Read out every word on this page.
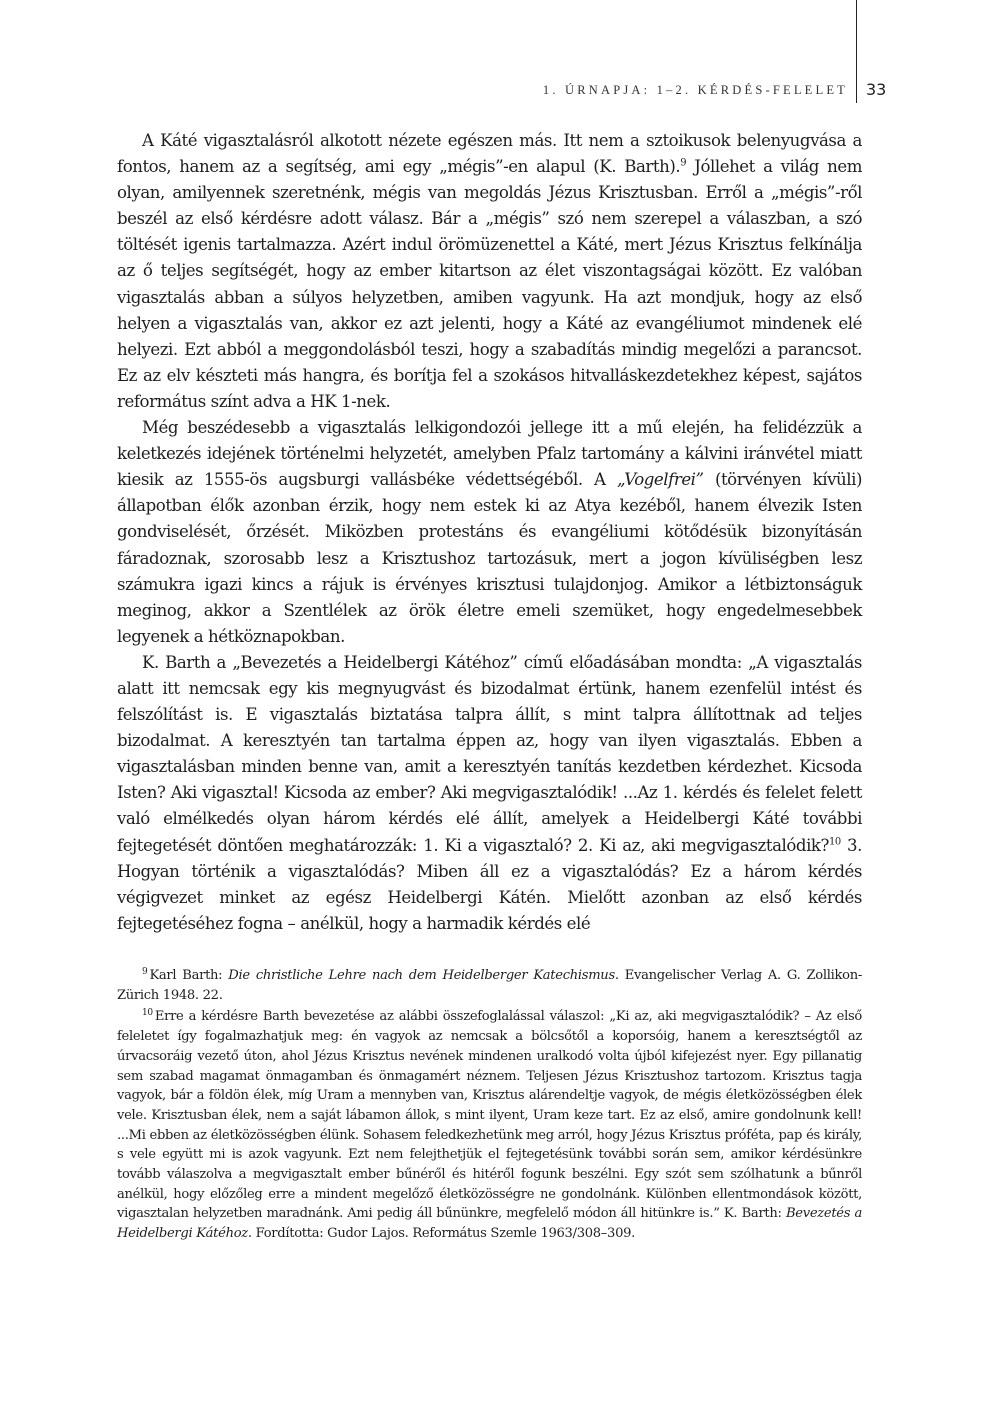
1. ÚRNAPJA: 1–2. KÉRDÉS-FELELET 33

A Káté vigasztalásról alkotott nézete egészen más. Itt nem a sztoikusok belenyugvása a fontos, hanem az a segítség, ami egy „mégis”-en alapul (K. Barth).$^9$ Jóllehet a világ nem olyan, amilyennek szeretnénk, mégis van megoldás Jézus Krisztusban. Erről a „mégis”-ről beszél az első kérdésre adott válasz. Bár a „mégis” szó nem szerepel a válaszban, a szó töltését igenis tartalmazza. Azért indul örömüzenettel a Káté, mert Jézus Krisztus felkínálja az ő teljes segítségét, hogy az ember kitartson az élet viszontagságai között. Ez valóban vigasztalás abban a súlyos helyzetben, amiben vagyunk. Ha azt mondjuk, hogy az első helyen a vigasztalás van, akkor ez azt jelenti, hogy a Káté az evangéliumot mindenek elé helyezi. Ezt abból a meggondolásból teszi, hogy a szabadítás mindig megelőzi a parancsot. Ez az elv készteti más hangra, és borítja fel a szokásos hitvalláskezdetekhez képest, sajátos református színt adva a HK 1-nek.

Még beszédesebb a vigasztalás lelkigondozói jellege itt a mű elején, ha felidézzük a keletkezés idejének történelmi helyzetét, amelyben Pfalz tartomány a kálvini iránvétel miatt kiesik az 1555-ös augsburgi vallásbéke védettségéből. A „Vogelfrei” (törvényen kívüli) állapotban élők azonban érzik, hogy nem estek ki az Atya kezéből, hanem élvezik Isten gondviselését, őrzését. Miközben protestáns és evangéliumi kötődésük bizonyításán fáradoznak, szorosabb lesz a Krisztushoz tartozásuk, mert a jogon kívüliségben lesz számukra igazi kincs a rájuk is érvényes krisztusi tulajdonjog. Amikor a létbiztonságuk meginog, akkor a Szentlélek az örök életre emeli szemüket, hogy engedelmesebbek legyenek a hétköznapokban.

K. Barth a „Bevezetés a Heidelbergi Kátéhoz” című előadásában mondta: „A vigasztalás alatt itt nemcsak egy kis megnyugvást és bizodalmat értünk, hanem ezenfelül intést és felszólítást is. E vigasztalás biztatása talpra állít, s mint talpra állítottnak ad teljes bizodalmat. A keresztyén tan tartalma éppen az, hogy van ilyen vigasztalás. Ebben a vigasztalásban minden benne van, amit a keresztyén tanítás kezdetben kérdezhet. Kicsoda Isten? Aki vigasztal! Kicsoda az ember? Aki megvigasztalódik! ...Az 1. kérdés és felelet felett való elmélkedés olyan három kérdés elé állít, amelyek a Heidelbergi Káté további fejtegetését döntően meghatározzák: 1. Ki a vigasztaló? 2. Ki az, aki megvigasztalódik?$^{10}$ 3. Hogyan történik a vigasztalódás? Miben áll ez a vigasztalódás? Ez a három kérdés végigvezet minket az egész Heidelbergi Kátén. Mielőtt azonban az első kérdés fejtegetéséhez fogna – anélkül, hogy a harmadik kérdés elé

$^9$ Karl Barth: Die christliche Lehre nach dem Heidelberger Katechismus. Evangelischer Verlag A. G. Zollikon-Zürich 1948. 22.

$^{10}$ Erre a kérdésre Barth bevezetése az alábbi összefoglalással válaszol: „Ki az, aki megvigasztalódik? – Az első feleletet így fogalmazhatjuk meg: én vagyok az nemcsak a bölcsőtől a koporsóig, hanem a keresztségtől az úrvacsoráig vezető úton, ahol Jézus Krisztus nevének mindenen uralkodó volta újból kifejezést nyer. Egy pillanatig sem szabad magamat önmagamban és önmagamért néznem. Teljesen Jézus Krisztushoz tartozom. Krisztus tagja vagyok, bár a földön élek, míg Uram a mennyben van, Krisztus alárendeltje vagyok, de mégis életközösségben élek vele. Krisztusban élek, nem a saját lábamon állok, s mint ilyent, Uram keze tart. Ez az első, amire gondolnunk kell! ...Mi ebben az életközösségben élünk. Sohasem feledkezhetünk meg arról, hogy Jézus Krisztus próféta, pap és király, s vele együtt mi is azok vagyunk. Ezt nem felejthetjük el fejtegetésünk további során sem, amikor kérdésünkre tovább válaszolva a megvigasztalt ember bűnéről és hitéről fogunk beszélni. Egy szót sem szólhatunk a bűnről anélkül, hogy előzőleg erre a mindent megelőző életközösségre ne gondolnánk. Különben ellentmondások között, vigasztalan helyzetben maradnánk. Ami pedig áll bűnünkre, megfelelő módon áll hitünkre is.” K. Barth: Bevezetés a Heidelbergi Kátéhoz. Fordította: Gudor Lajos. Református Szemle 1963/308–309.
